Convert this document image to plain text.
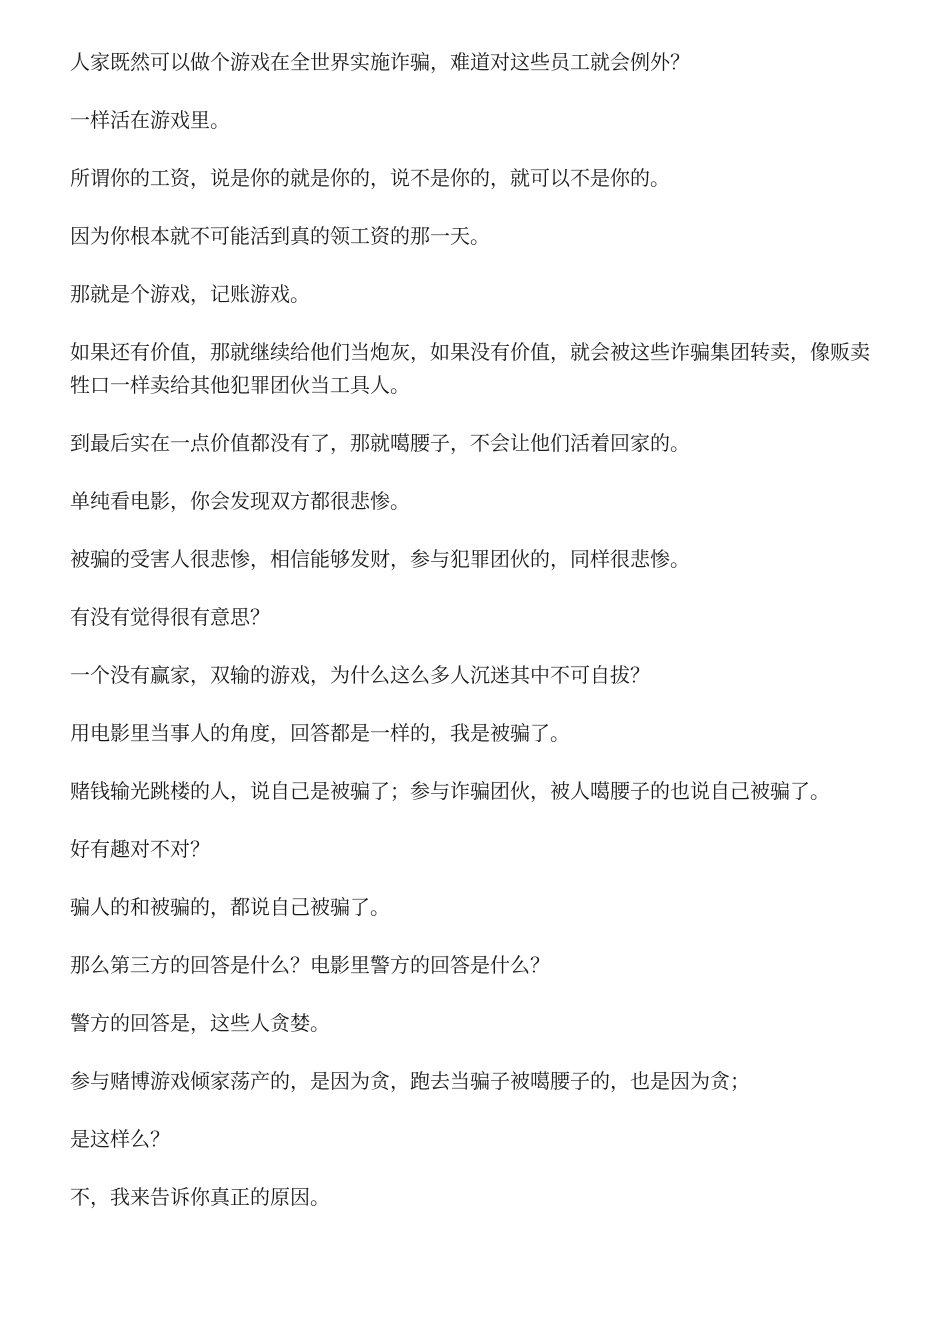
人家既然可以做个游戏在全世界实施诈骗，难道对这些员工就会例外？

一样活在游戏里。

所谓你的工资，说是你的就是你的，说不是你的，就可以不是你的。

因为你根本就不可能活到真的领工资的那一天。

那就是个游戏，记账游戏。

如果还有价值，那就继续给他们当炮灰，如果没有价值，就会被这些诈骗集团转卖，像贩卖牲口一样卖给其他犯罪团伙当工具人。

到最后实在一点价值都没有了，那就噶腰子，不会让他们活着回家的。

单纯看电影，你会发现双方都很悲惨。

被骗的受害人很悲惨，相信能够发财，参与犯罪团伙的，同样很悲惨。

有没有觉得很有意思？

一个没有赢家，双输的游戏，为什么这么多人沉迷其中不可自拔？

用电影里当事人的角度，回答都是一样的，我是被骗了。

赌钱输光跳楼的人，说自己是被骗了；参与诈骗团伙，被人噶腰子的也说自己被骗了。

好有趣对不对？

骗人的和被骗的，都说自己被骗了。

那么第三方的回答是什么？电影里警方的回答是什么？

警方的回答是，这些人贪婪。

参与赌博游戏倾家荡产的，是因为贪，跑去当骗子被噶腰子的，也是因为贪；

是这样么？

不，我来告诉你真正的原因。
